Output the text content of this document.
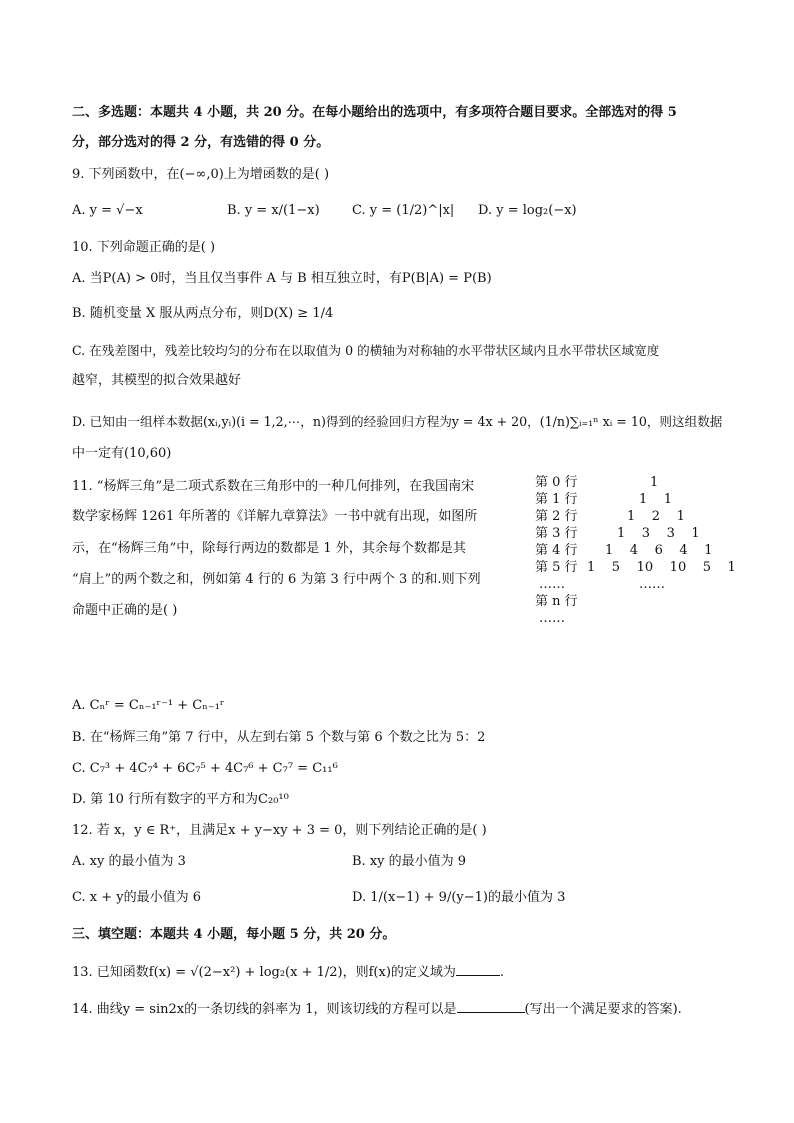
二、多选题：本题共 4 小题，共 20 分。在每小题给出的选项中，有多项符合题目要求。全部选对的得 5
分，部分选对的得 2 分，有选错的得 0 分。
9. 下列函数中，在(−∞,0)上为增函数的是( )
A. y = √−x	B. y = x/(1−x) C. y = (1/2)^|x| D. y = log₂(−x)
10. 下列命题正确的是( )
A. 当P(A) > 0时，当且仅当事件 A 与 B 相互独立时，有P(B|A) = P(B)
B. 随机变量 X 服从两点分布，则D(X) ≥ 1/4
C. 在残差图中，残差比较均匀的分布在以取值为 0 的横轴为对称轴的水平带状区域内且水平带状区域宽度
越窄，其模型的拟合效果越好
D. 已知由一组样本数据(xᵢ,yᵢ)(i = 1,2,⋯，n)得到的经验回归方程为y = 4x + 20，(1/n)∑ᵢ₌₁ⁿ xᵢ = 10，则这组数据
中一定有(10,60)
11. “杨辉三角”是二项式系数在三角形中的一种几何排列，在我国南宋
数学家杨辉 1261 年所著的《详解九章算法》一书中就有出现，如图所
示，在“杨辉三角”中，除每行两边的数都是 1 外，其余每个数都是其
“肩上”的两个数之和，例如第 4 行的 6 为第 3 行中两个 3 的和.则下列
命题中正确的是( )
第 0 行	1
第 1 行	1    1
第 2 行	1    2    1
第 3 行	1    3    3    1
第 4 行 1    4    6    4    1
第 5 行 1    5    10    10    5    1
……	……
第 n 行
……
A. Cₙʳ = Cₙ₋₁ʳ⁻¹ + Cₙ₋₁ʳ
B. 在“杨辉三角”第 7 行中，从左到右第 5 个数与第 6 个数之比为 5：2
C. C₇³ + 4C₇⁴ + 6C₇⁵ + 4C₇⁶ + C₇⁷ = C₁₁⁶
D. 第 10 行所有数字的平方和为C₂₀¹⁰
12. 若 x，y ∈ R⁺，且满足x + y−xy + 3 = 0，则下列结论正确的是( )
A. xy 的最小值为 3	B. xy 的最小值为 9
C. x + y的最小值为 6	D. 1/(x−1) + 9/(y−1)的最小值为 3
三、填空题：本题共 4 小题，每小题 5 分，共 20 分。
13. 已知函数f(x) = √(2−x²) + log₂(x + 1/2)，则f(x)的定义域为	.
14. 曲线y = sin2x的一条切线的斜率为 1，则该切线的方程可以是	(写出一个满足要求的答案).
